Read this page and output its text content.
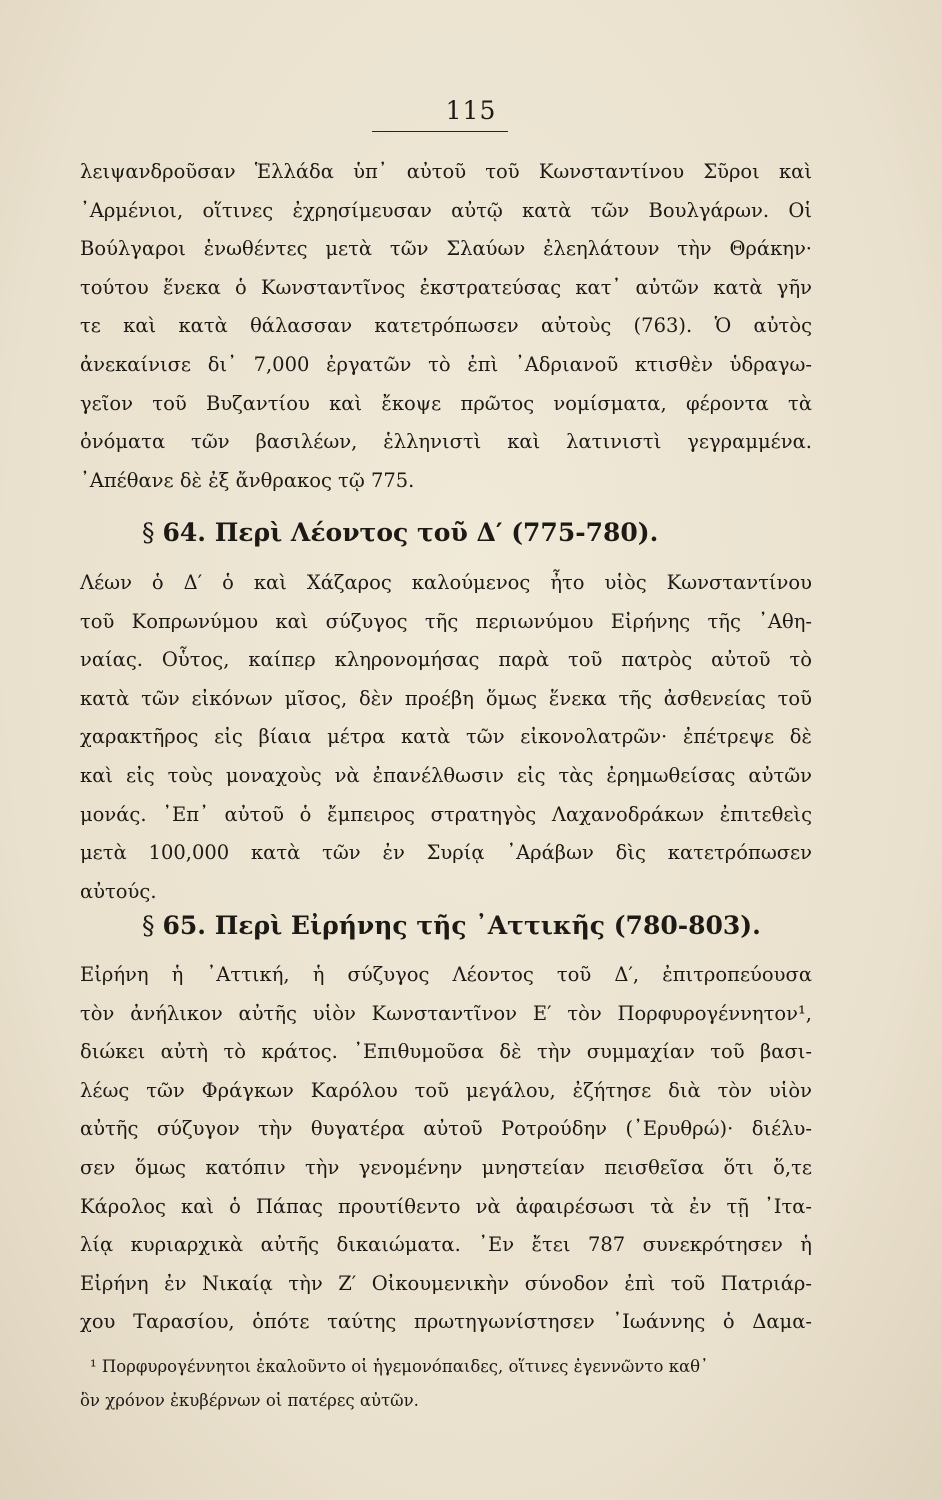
115
λειψανδροῦσαν Ἑλλάδα ὑπ᾽ αὐτοῦ τοῦ Κωνσταντίνου Σῦροι καὶ
᾽Αρμένιοι, οἵτινες ἐχρησίμευσαν αὐτῷ κατὰ τῶν Βουλγάρων. Οἱ
Βούλγαροι ἑνωθέντες μετὰ τῶν Σλαύων ἐλεηλάτουν τὴν Θράκην·
τούτου ἕνεκα ὁ Κωνσταντῖνος ἐκστρατεύσας κατ᾽ αὐτῶν κατὰ γῆν
τε καὶ κατὰ θάλασσαν κατετρόπωσεν αὐτοὺς (763). Ὁ αὐτὸς
ἀνεκαίνισε δι᾽ 7,000 ἐργατῶν τὸ ἐπὶ ᾽Αδριανοῦ κτισθὲν ὑδραγω-
γεῖον τοῦ Βυζαντίου καὶ ἔκοψε πρῶτος νομίσματα, φέροντα τὰ
ὀνόματα τῶν βασιλέων, ἑλληνιστὶ καὶ λατινιστὶ γεγραμμένα.
᾽Απέθανε δὲ ἐξ ἄνθρακος τῷ 775.
§ 64. Περὶ Λέοντος τοῦ Δ′ (775-780).
Λέων ὁ Δ′ ὁ καὶ Χάζαρος καλούμενος ἦτο υἱὸς Κωνσταντίνου
τοῦ Κοπρωνύμου καὶ σύζυγος τῆς περιωνύμου Εἰρήνης τῆς ᾽Αθη-
ναίας. Οὗτος, καίπερ κληρονομήσας παρὰ τοῦ πατρὸς αὐτοῦ τὸ
κατὰ τῶν εἰκόνων μῖσος, δὲν προέβη ὅμως ἕνεκα τῆς ἀσθενείας τοῦ
χαρακτῆρος εἰς βίαια μέτρα κατὰ τῶν εἰκονολατρῶν· ἐπέτρεψε δὲ
καὶ εἰς τοὺς μοναχοὺς νὰ ἐπανέλθωσιν εἰς τὰς ἐρημωθείσας αὐτῶν
μονάς. ᾽Επ᾽ αὐτοῦ ὁ ἔμπειρος στρατηγὸς Λαχανοδράκων ἐπιτεθεὶς
μετὰ 100,000 κατὰ τῶν ἐν Συρίᾳ ᾽Αράβων δὶς κατετρόπωσεν
αὐτούς.
§ 65. Περὶ Εἰρήνης τῆς ᾽Αττικῆς (780-803).
Εἰρήνη ἡ ᾽Αττική, ἡ σύζυγος Λέοντος τοῦ Δ′, ἐπιτροπεύουσα
τὸν ἀνήλικον αὐτῆς υἱὸν Κωνσταντῖνον Ε′ τὸν Πορφυρογέννητον¹,
διώκει αὐτὴ τὸ κράτος. ᾽Επιθυμοῦσα δὲ τὴν συμμαχίαν τοῦ βασι-
λέως τῶν Φράγκων Καρόλου τοῦ μεγάλου, ἐζήτησε διὰ τὸν υἱὸν
αὐτῆς σύζυγον τὴν θυγατέρα αὐτοῦ Ροτρούδην (᾽Ερυθρώ)· διέλυ-
σεν ὅμως κατόπιν τὴν γενομένην μνηστείαν πεισθεῖσα ὅτι ὅ,τε
Κάρολος καὶ ὁ Πάπας προυτίθεντο νὰ ἀφαιρέσωσι τὰ ἐν τῇ ᾽Ιτα-
λίᾳ κυριαρχικὰ αὐτῆς δικαιώματα. ᾽Εν ἔτει 787 συνεκρότησεν ἡ
Εἰρήνη ἐν Νικαίᾳ τὴν Ζ′ Οἰκουμενικὴν σύνοδον ἐπὶ τοῦ Πατριάρ-
χου Ταρασίου, ὁπότε ταύτης πρωτηγωνίστησεν ᾽Ιωάννης ὁ Δαμα-
¹ Πορφυρογέννητοι ἐκαλοῦντο οἱ ἡγεμονόπαιδες, οἵτινες ἐγεννῶντο καθ᾽
ὃν χρόνον ἐκυβέρνων οἱ πατέρες αὐτῶν.
